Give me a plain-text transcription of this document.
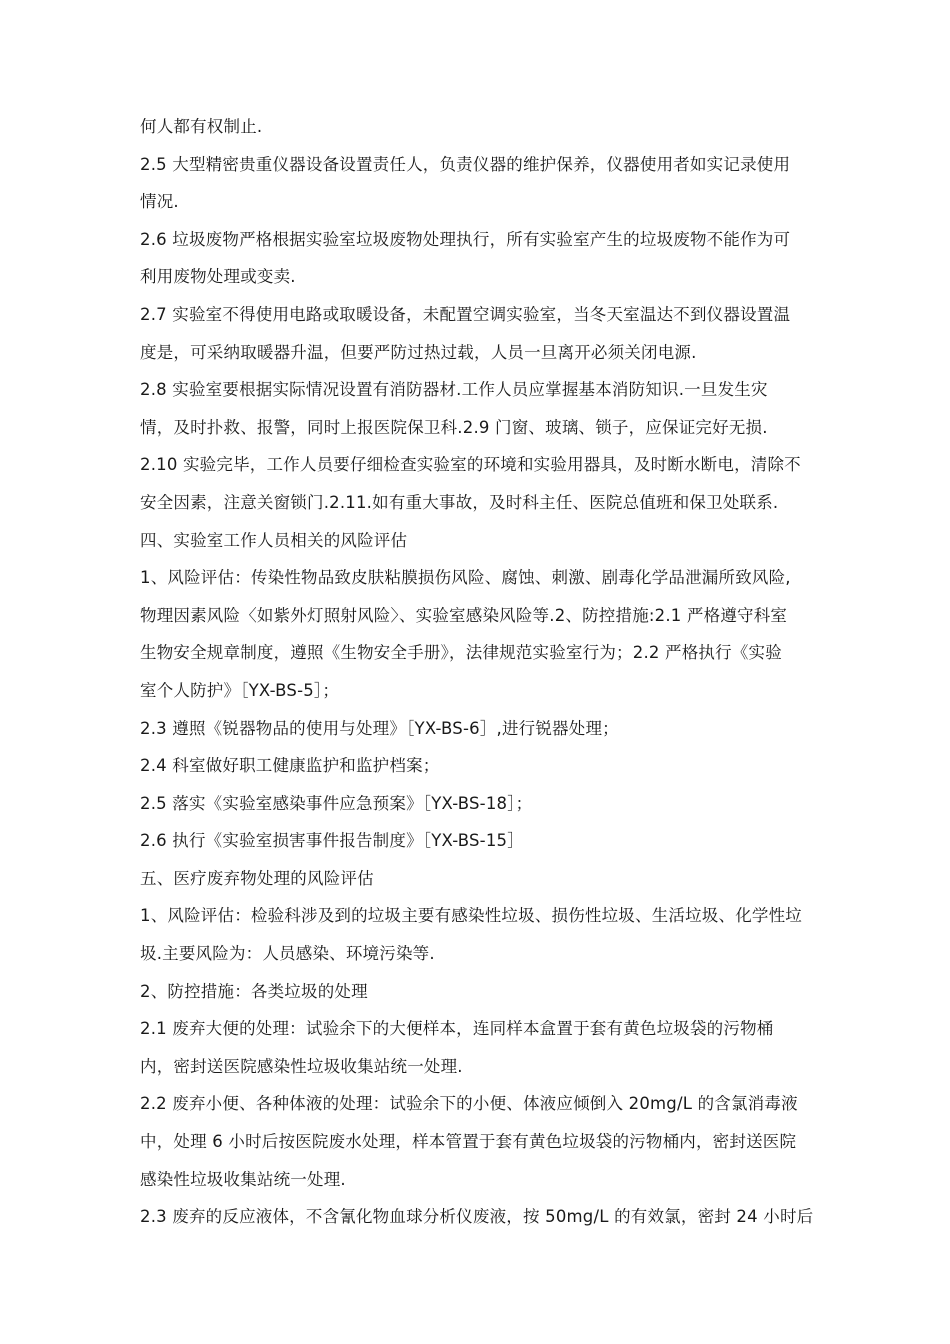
何人都有权制止.
2.5 大型精密贵重仪器设备设置责任人，负责仪器的维护保养，仪器使用者如实记录使用
情况.
2.6 垃圾废物严格根据实验室垃圾废物处理执行，所有实验室产生的垃圾废物不能作为可
利用废物处理或变卖.
2.7 实验室不得使用电路或取暖设备，未配置空调实验室，当冬天室温达不到仪器设置温
度是，可采纳取暖器升温，但要严防过热过载，人员一旦离开必须关闭电源.
2.8 实验室要根据实际情况设置有消防器材.工作人员应掌握基本消防知识.一旦发生灾
情，及时扑救、报警，同时上报医院保卫科.2.9 门窗、玻璃、锁子，应保证完好无损.
2.10 实验完毕，工作人员要仔细检查实验室的环境和实验用器具，及时断水断电，清除不
安全因素，注意关窗锁门.2.11.如有重大事故，及时科主任、医院总值班和保卫处联系.
四、实验室工作人员相关的风险评估
1、风险评估：传染性物品致皮肤粘膜损伤风险、腐蚀、刺激、剧毒化学品泄漏所致风险,
物理因素风险〈如紫外灯照射风险〉、实验室感染风险等.2、防控措施:2.1 严格遵守科室
生物安全规章制度，遵照《生物安全手册》，法律规范实验室行为；2.2 严格执行《实验
室个人防护》［YX-BS-5］；
2.3 遵照《锐器物品的使用与处理》［YX-BS-6］,进行锐器处理；
2.4 科室做好职工健康监护和监护档案；
2.5 落实《实验室感染事件应急预案》［YX-BS-18］；
2.6 执行《实验室损害事件报告制度》［YX-BS-15］
五、医疗废弃物处理的风险评估
1、风险评估：检验科涉及到的垃圾主要有感染性垃圾、损伤性垃圾、生活垃圾、化学性垃
圾.主要风险为：人员感染、环境污染等.
2、防控措施：各类垃圾的处理
2.1 废弃大便的处理：试验余下的大便样本，连同样本盒置于套有黄色垃圾袋的污物桶
内，密封送医院感染性垃圾收集站统一处理.
2.2 废弃小便、各种体液的处理：试验余下的小便、体液应倾倒入 20mg/L 的含氯消毒液
中，处理 6 小时后按医院废水处理，样本管置于套有黄色垃圾袋的污物桶内，密封送医院
感染性垃圾收集站统一处理.
2.3 废弃的反应液体，不含氰化物血球分析仪废液，按 50mg/L 的有效氯，密封 24 小时后
